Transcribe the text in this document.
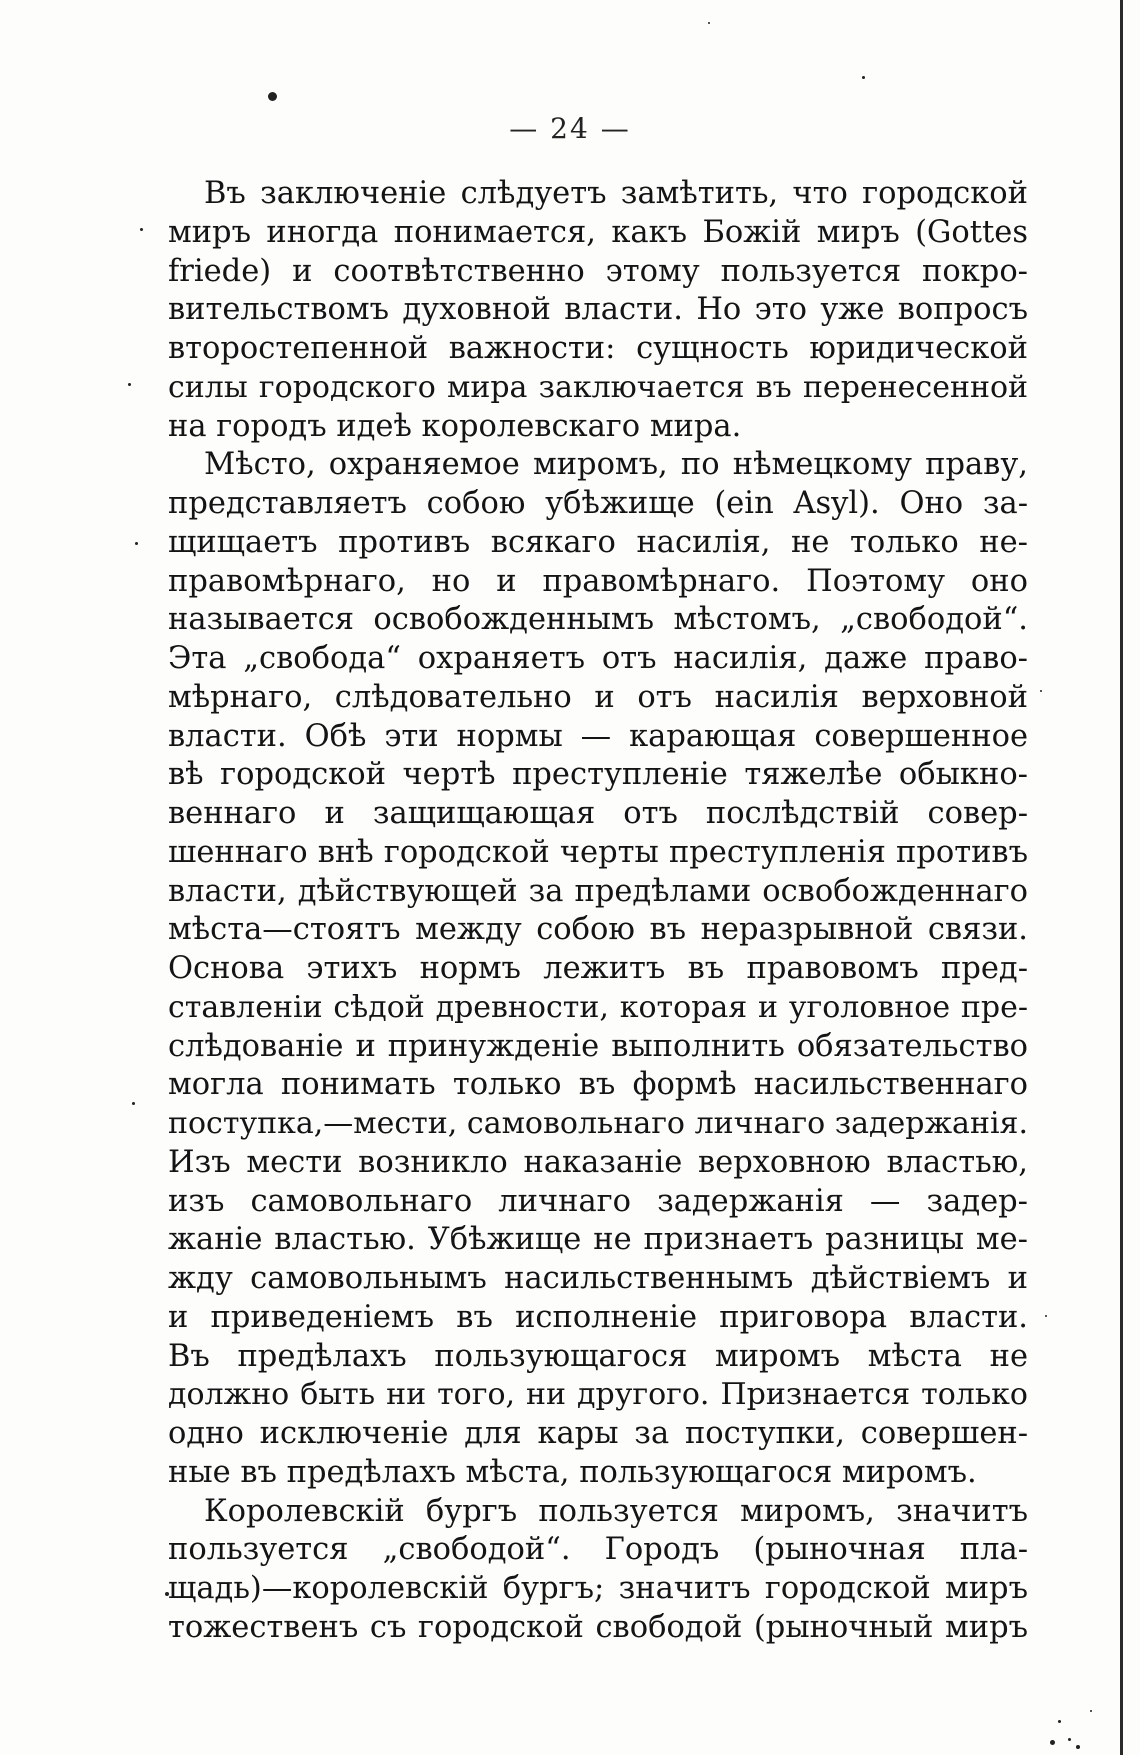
— 24 —
Въ заключенiе слѣдуетъ замѣтить, что городской
миръ иногда понимается, какъ Божiй миръ (Gottes
friede) и соотвѣтственно этому пользуется покро-
вительствомъ духовной власти. Но это уже вопросъ
второстепенной важности: сущность юридической
силы городского мира заключается въ перенесенной
на городъ идеѣ королевскаго мира.
Мѣсто, охраняемое миромъ, по нѣмецкому праву,
представляетъ собою убѣжище (ein Asyl). Оно за-
щищаетъ противъ всякаго насилiя, не только не-
правомѣрнаго, но и правомѣрнаго. Поэтому оно
называется освобожденнымъ мѣстомъ, „свободой“.
Эта „свобода“ охраняетъ отъ насилiя, даже право-
мѣрнаго, слѣдовательно и отъ насилiя верховной
власти. Обѣ эти нормы — карающая совершенное
вѣ городской чертѣ преступленiе тяжелѣе обыкно-
веннаго и защищающая отъ послѣдствiй совер-
шеннаго внѣ городской черты преступленiя противъ
власти, дѣйствующей за предѣлами освобожденнаго
мѣста—стоятъ между собою въ неразрывной связи.
Основа этихъ нормъ лежитъ въ правовомъ пред-
ставленiи сѣдой древности, которая и уголовное пре-
слѣдованiе и принужденiе выполнить обязательство
могла понимать только въ формѣ насильственнаго
поступка,—мести, самовольнаго личнаго задержанiя.
Изъ мести возникло наказанiе верховною властью,
изъ самовольнаго личнаго задержанiя — задер-
жанiе властью. Убѣжище не признаетъ разницы ме-
жду самовольнымъ насильственнымъ дѣйствiемъ и
и приведенiемъ въ исполненiе приговора власти.
Въ предѣлахъ пользующагося миромъ мѣста не
должно быть ни того, ни другого. Признается только
одно исключенiе для кары за поступки, совершен-
ные въ предѣлахъ мѣста, пользующагося миромъ.
Королевскiй бургъ пользуется миромъ, значитъ
пользуется „свободой“. Городъ (рыночная пла-
щадь)—королевскiй бургъ; значитъ городской миръ
тожественъ съ городской свободой (рыночный миръ
